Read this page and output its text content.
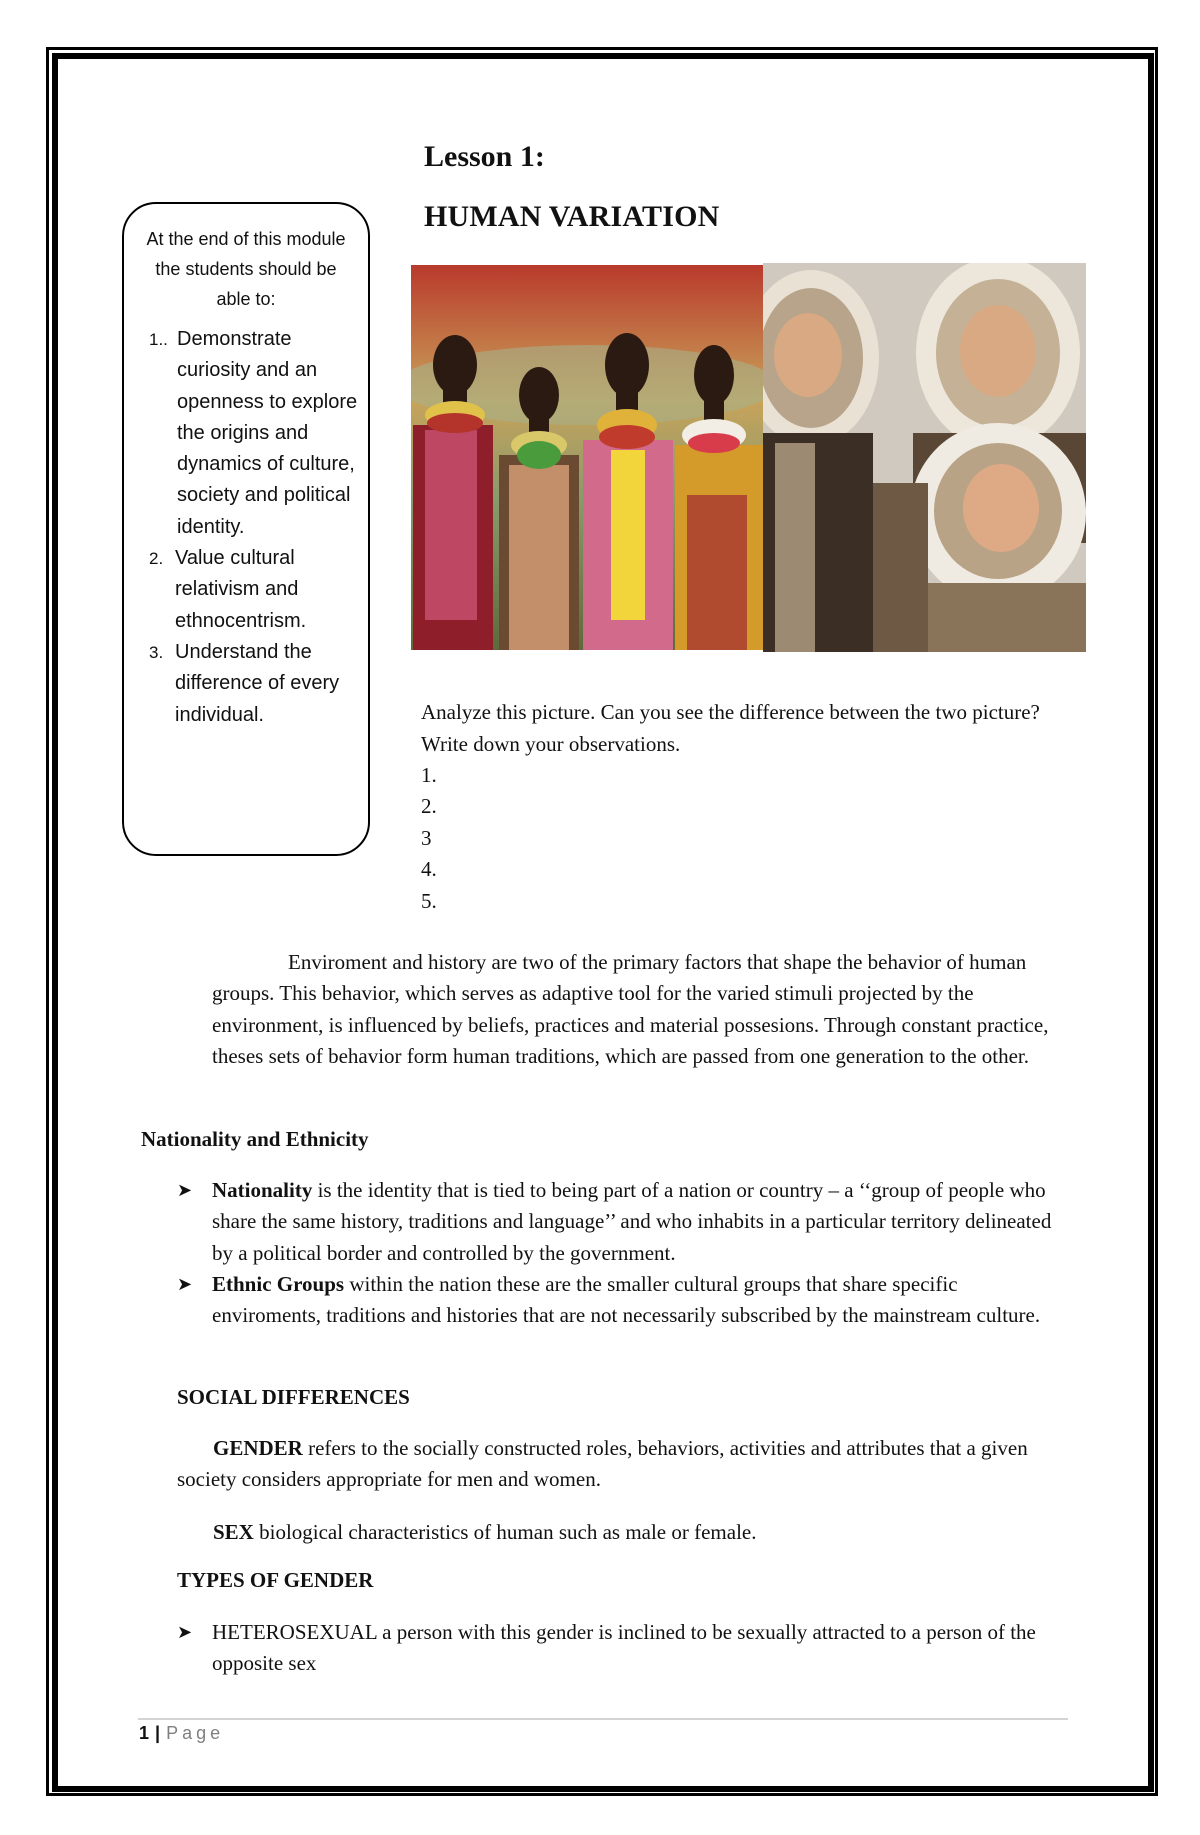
Lesson 1:
HUMAN VARIATION
At the end of this module the students should be able to:
1.. Demonstrate curiosity and an openness to explore the origins and dynamics of culture, society and political identity.
2. Value cultural relativism and ethnocentrism.
3. Understand the difference of every individual.	Analyze this picture. Can you see the difference between the two picture? Write down your observations.

1.
2.
3
4.
5.

Enviroment and history are two of the primary factors that shape the behavior of human groups. This behavior, which serves as adaptive tool for the varied stimuli projected by the environment, is influenced by beliefs, practices and material possesions. Through constant practice, theses sets of behavior form human traditions, which are passed from one generation to the other.

Nationality and Ethnicity
➤ Nationality is the identity that is tied to being part of a nation or country – a ‘‘group of people who share the same history, traditions and language’’ and who inhabits in a particular territory delineated by a political border and controlled by the government.
➤ Ethnic Groups within the nation these are the smaller cultural groups that share specific enviroments, traditions and histories that are not necessarily subscribed by the mainstream culture.
SOCIAL DIFFERENCES

GENDER refers to the socially constructed roles, behaviors, activities and attributes that a given society considers appropriate for men and women.

SEX biological characteristics of human such as male or female.

TYPES OF GENDER
➤ HETEROSEXUAL a person with this gender is inclined to be sexually attracted to a person of the opposite sex
1 | Page
